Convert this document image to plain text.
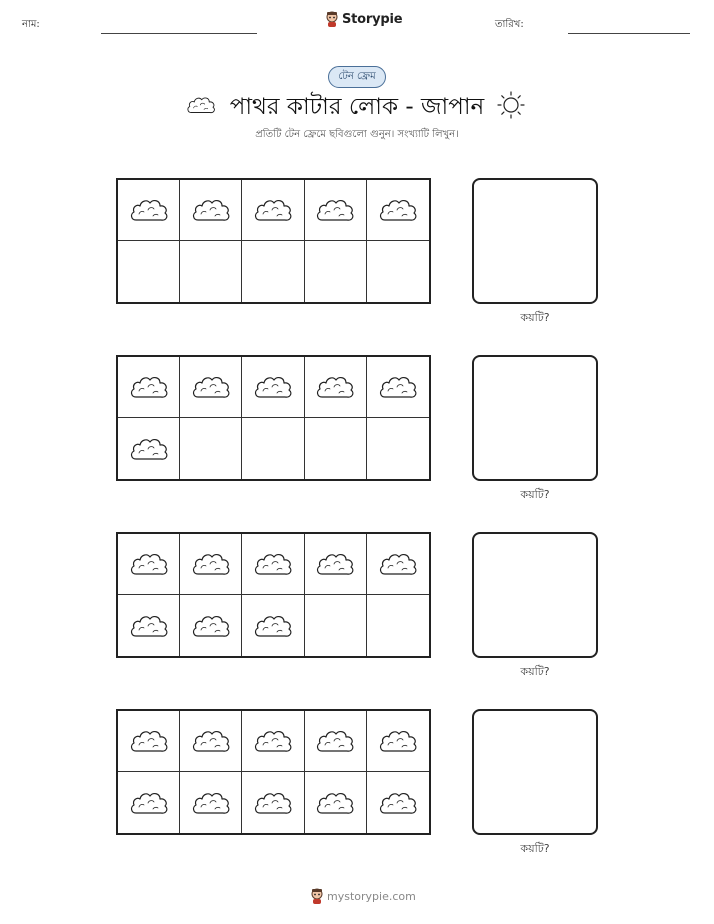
নাম:	Storypie	তারিখ:
টেন ফ্রেম
পাথর কাটার লোক - জাপান
প্রতিটি টেন ফ্রেমে ছবিগুলো গুনুন। সংখ্যাটি লিখুন।
কয়টি?
কয়টি?
কয়টি?
কয়টি?
mystorypie.com
